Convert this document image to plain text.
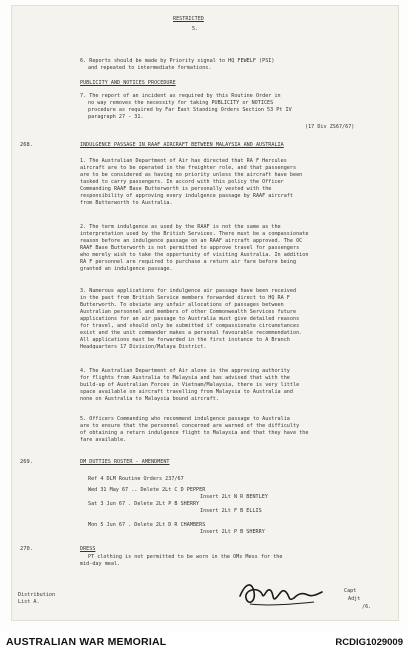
RESTRICTED
5.
6. Reports should be made by Priority signal to HQ FEWELF (PSI)
and repeated to intermediate formations.
PUBLICITY AND NOTICES PROCEDURE
7. The report of an incident as required by this Routine Order in
no way removes the necessity for taking PUBLICITY or NOTICES
procedure as required by Far East Standing Orders Section 53 Pt IV
paragraph 27 - 31.
(17 Div ZS67/67)
INDULGENCE PASSAGE IN RAAF AIRCRAFT BETWEEN MALAYSIA AND AUSTRALIA
1. The Australian Department of Air has directed that RA F Hercules
aircraft are to be operated in the freighter role, and that passengers
are to be considered as having no priority unless the aircraft have been
tasked to carry passengers. In accord with this policy the Officer
Commanding RAAF Base Butterworth is personally vested with the
responsibility of approving every indulgence passage by RAAF aircraft
from Butterworth to Australia.
2. The term indulgence as used by the RAAF is not the same as the
interpretation used by the British Services. There must be a compassionate
reason before an indulgence passage on an RAAF aircraft approved. The OC
RAAF Base Butterworth is not permitted to approve travel for passengers
who merely wish to take the opportunity of visiting Australia. In addition
RA F personnel are required to purchase a return air fare before being
granted an indulgence passage.
3. Numerous applications for indulgence air passage have been received
in the past from British Service members forwarded direct to HQ RA F
Butterworth. To obviate any unfair allocations of passages between
Australian personnel and members of other Commonwealth Services future
applications for an air passage to Australia must give detailed reasons
for travel, and should only be submitted if compassionate circumstances
exist and the unit commander makes a personal favourable recommendation.
All applications must be forwarded in the first instance to A Branch
Headquarters 17 Division/Malaya District.
4. The Australian Department of Air alone is the approving authority
for flights from Australia to Malaysia and has advised that with the
build-up of Australian Forces in Vietnam/Malaysia, there is very little
space available on aircraft travelling from Malaysia to Australia and
none on Australia to Malaysia bound aircraft.
5. Officers Commanding who recommend indulgence passage to Australia
are to ensure that the personnel concerned are warned of the difficulty
of obtaining a return indulgence flight to Malaysia and that they have the
fare available.
DM DUTTIES ROSTER - AMENDMENT
Ref 4 DLM Routine Orders 237/67
Wed 31 May 67 .. Delete 2Lt C D PEPPER
Insert 2Lt N R BENTLEY
Sat 3 Jun 67 . Delete 2Lt P B SHERRY
Insert 2Lt F B ELLIS
Mon 5 Jun 67 . Delete 2Lt D R CHAMBERS
Insert 2Lt P B SHERRY
DRESS
PT clothing is not permitted to be worn in the OMs Mess for the
mid-day meal.
Distribution
List A.
Capt
Adjt
/6.
268.
269.
270.
AUSTRALIAN WAR MEMORIAL	RCDIG1029009
